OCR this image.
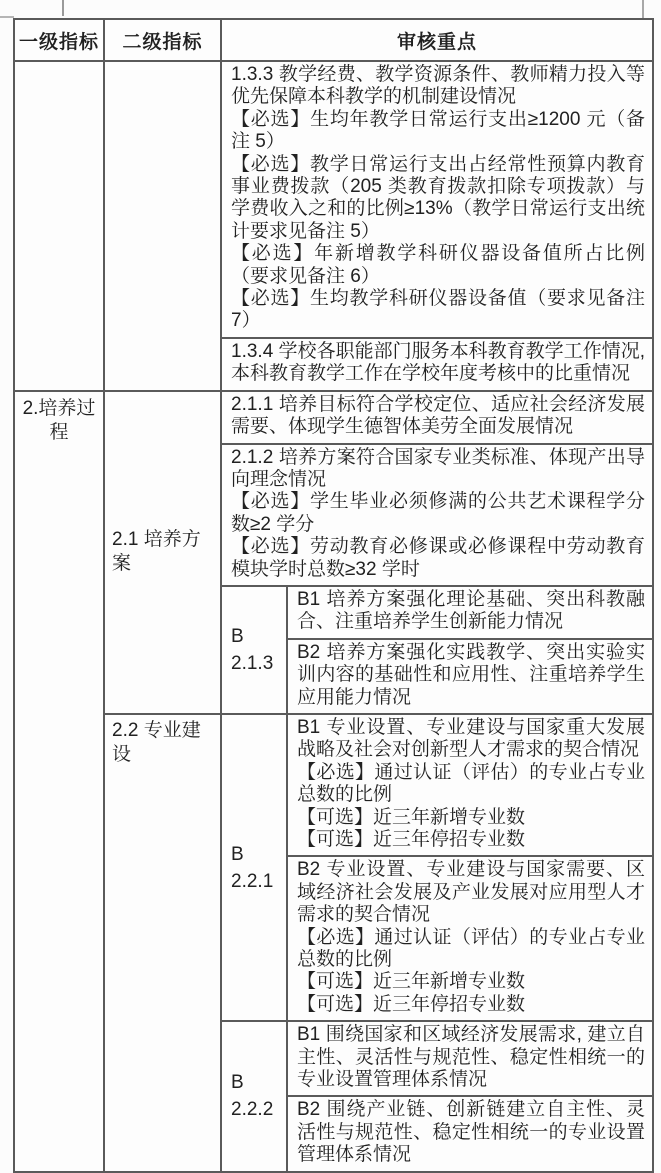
一级指标	二级指标	审核重点	

		1.3.3 教学经费、教学资源条件、教师精力投入等优先保障本科教学的机制建设情况

【必选】生均年教学日常运行支出≥1200 元（备注 5）

【必选】教学日常运行支出占经常性预算内教育事业费拨款（205 类教育拨款扣除专项拨款）与学费收入之和的比例≥13%（教学日常运行支出统计要求见备注 5）

【必选】年新增教学科研仪器设备值所占比例（要求见备注 6）

【必选】生均教学科研仪器设备值（要求见备注 7）	

		1.3.4 学校各职能部门服务本科教育教学工作情况,本科教育教学工作在学校年度考核中的比重情况	

2.培养过程	2.1 培养方案	2.1.1 培养目标符合学校定位、适应社会经济发展需要、体现学生德智体美劳全面发展情况	

		2.1.2 培养方案符合国家专业类标准、体现产出导向理念情况

【必选】学生毕业必须修满的公共艺术课程学分数≥2 学分

【必选】劳动教育必修课或必修课程中劳动教育模块学时总数≥32 学时	

		B 2.1.3	B1 培养方案强化理论基础、突出科教融合、注重培养学生创新能力情况

			B2 培养方案强化实践教学、突出实验实训内容的基础性和应用性、注重培养学生应用能力情况

	2.2 专业建设	B 2.2.1	B1 专业设置、专业建设与国家重大发展战略及社会对创新型人才需求的契合情况

【必选】通过认证（评估）的专业占专业总数的比例

【可选】近三年新增专业数

【可选】近三年停招专业数

			B2 专业设置、专业建设与国家需要、区域经济社会发展及产业发展对应用型人才需求的契合情况

【必选】通过认证（评估）的专业占专业总数的比例

【可选】近三年新增专业数

【可选】近三年停招专业数

		B 2.2.2	B1 围绕国家和区域经济发展需求, 建立自主性、灵活性与规范性、稳定性相统一的专业设置管理体系情况

			B2 围绕产业链、创新链建立自主性、灵活性与规范性、稳定性相统一的专业设置管理体系情况
